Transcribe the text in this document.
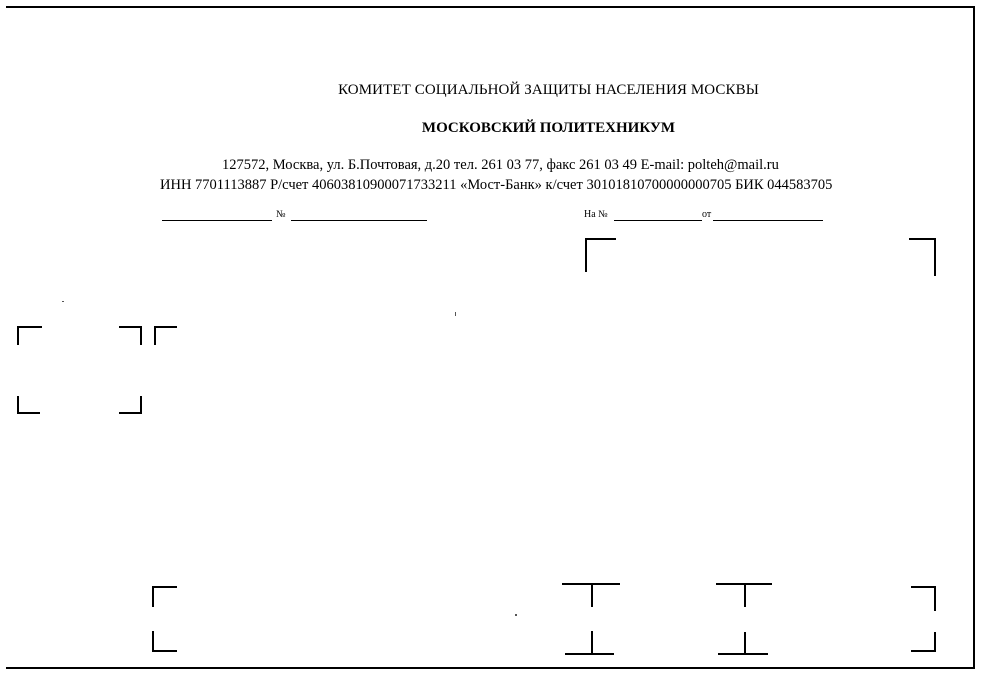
КОМИТЕТ СОЦИАЛЬНОЙ ЗАЩИТЫ НАСЕЛЕНИЯ МОСКВЫ
МОСКОВСКИЙ ПОЛИТЕХНИКУМ
127572, Москва, ул. Б.Почтовая, д.20 тел. 261 03 77, факс 261 03 49 E-mail: polteh@mail.ru
ИНН 7701113887 Р/счет 40603810900071733211 «Мост-Банк» к/счет 30101810700000000705 БИК 044583705
№	На №	от
